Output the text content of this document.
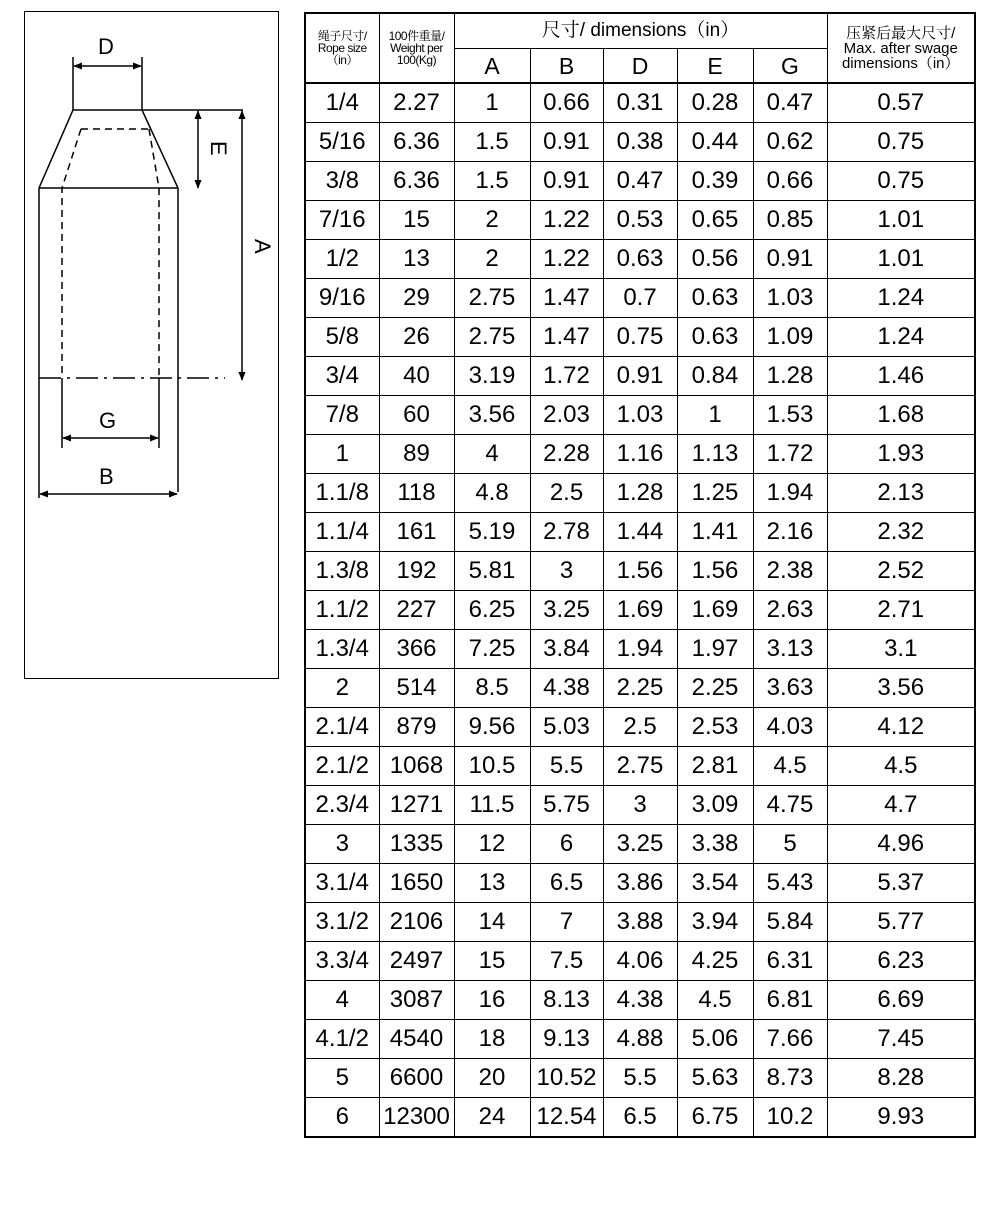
D
E
A
G
B
绳子尺寸/
Rope size
（in）	100件重量/
Weight per
100(Kg)	尺寸/ dimensions（in）					压紧后最大尺寸/
Max. after swage
dimensions（in）

		A	B	D	E	G	
1/4	2.27	1	0.66	0.31	0.28	0.47	0.57
5/16	6.36	1.5	0.91	0.38	0.44	0.62	0.75
3/8	6.36	1.5	0.91	0.47	0.39	0.66	0.75
7/16	15	2	1.22	0.53	0.65	0.85	1.01
1/2	13	2	1.22	0.63	0.56	0.91	1.01
9/16	29	2.75	1.47	0.7	0.63	1.03	1.24
5/8	26	2.75	1.47	0.75	0.63	1.09	1.24
3/4	40	3.19	1.72	0.91	0.84	1.28	1.46
7/8	60	3.56	2.03	1.03	1	1.53	1.68
1	89	4	2.28	1.16	1.13	1.72	1.93
1.1/8	118	4.8	2.5	1.28	1.25	1.94	2.13
1.1/4	161	5.19	2.78	1.44	1.41	2.16	2.32
1.3/8	192	5.81	3	1.56	1.56	2.38	2.52
1.1/2	227	6.25	3.25	1.69	1.69	2.63	2.71
1.3/4	366	7.25	3.84	1.94	1.97	3.13	3.1
2	514	8.5	4.38	2.25	2.25	3.63	3.56
2.1/4	879	9.56	5.03	2.5	2.53	4.03	4.12
2.1/2	1068	10.5	5.5	2.75	2.81	4.5	4.5
2.3/4	1271	11.5	5.75	3	3.09	4.75	4.7
3	1335	12	6	3.25	3.38	5	4.96
3.1/4	1650	13	6.5	3.86	3.54	5.43	5.37
3.1/2	2106	14	7	3.88	3.94	5.84	5.77
3.3/4	2497	15	7.5	4.06	4.25	6.31	6.23
4	3087	16	8.13	4.38	4.5	6.81	6.69
4.1/2	4540	18	9.13	4.88	5.06	7.66	7.45
5	6600	20	10.52	5.5	5.63	8.73	8.28
6	12300	24	12.54	6.5	6.75	10.2	9.93
